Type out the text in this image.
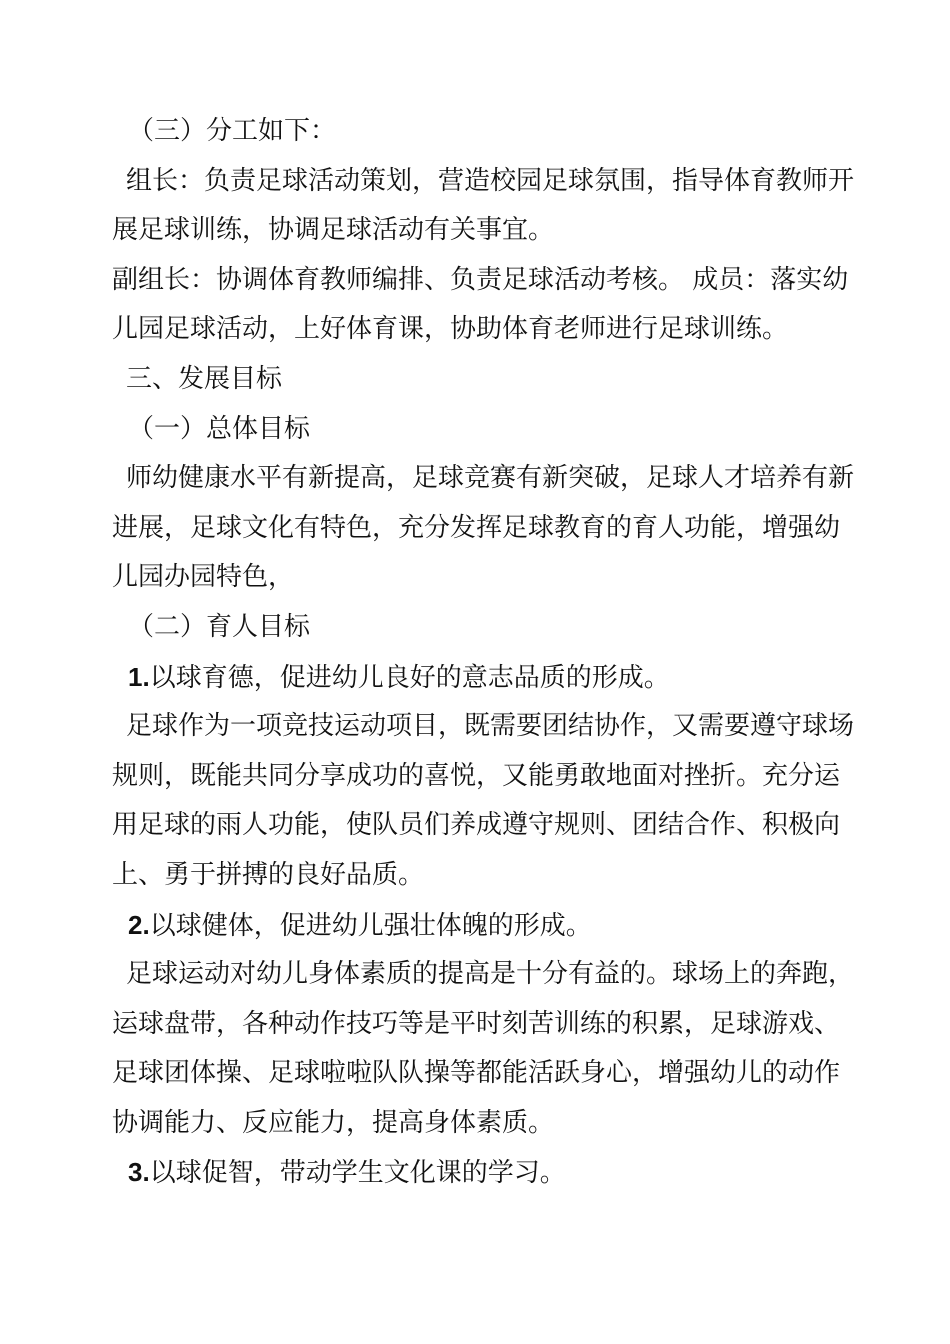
（三）分工如下：
组长：负责足球活动策划，营造校园足球氛围，指导体育教师开
展足球训练，协调足球活动有关事宜。
副组长：协调体育教师编排、负责足球活动考核。 成员：落实幼
儿园足球活动，上好体育课，协助体育老师进行足球训练。
三、发展目标
（一）总体目标
师幼健康水平有新提高，足球竞赛有新突破，足球人才培养有新
进展，足球文化有特色，充分发挥足球教育的育人功能，增强幼
儿园办园特色，
（二）育人目标
1.以球育德，促进幼儿良好的意志品质的形成。
足球作为一项竞技运动项目，既需要团结协作，又需要遵守球场
规则，既能共同分享成功的喜悦，又能勇敢地面对挫折。充分运
用足球的雨人功能，使队员们养成遵守规则、团结合作、积极向
上、勇于拼搏的良好品质。
2.以球健体，促进幼儿强壮体魄的形成。
足球运动对幼儿身体素质的提高是十分有益的。球场上的奔跑，
运球盘带，各种动作技巧等是平时刻苦训练的积累，足球游戏、
足球团体操、足球啦啦队队操等都能活跃身心，增强幼儿的动作
协调能力、反应能力，提高身体素质。
3.以球促智，带动学生文化课的学习。
